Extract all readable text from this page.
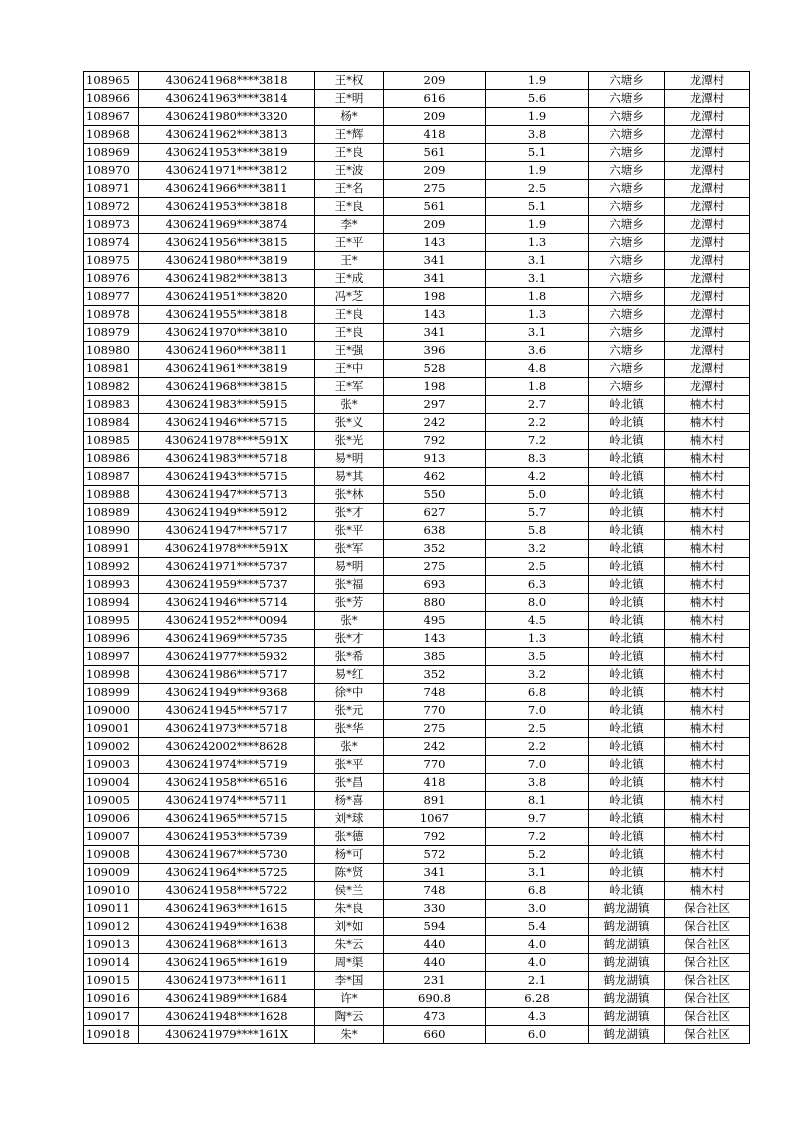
108965	4306241968****3818	王*权	209	1.9	六塘乡	龙潭村
108966	4306241963****3814	王*明	616	5.6	六塘乡	龙潭村
108967	4306241980****3320	杨*	209	1.9	六塘乡	龙潭村
108968	4306241962****3813	王*辉	418	3.8	六塘乡	龙潭村
108969	4306241953****3819	王*良	561	5.1	六塘乡	龙潭村
108970	4306241971****3812	王*波	209	1.9	六塘乡	龙潭村
108971	4306241966****3811	王*名	275	2.5	六塘乡	龙潭村
108972	4306241953****3818	王*良	561	5.1	六塘乡	龙潭村
108973	4306241969****3874	李*	209	1.9	六塘乡	龙潭村
108974	4306241956****3815	王*平	143	1.3	六塘乡	龙潭村
108975	4306241980****3819	王*	341	3.1	六塘乡	龙潭村
108976	4306241982****3813	王*成	341	3.1	六塘乡	龙潭村
108977	4306241951****3820	冯*芝	198	1.8	六塘乡	龙潭村
108978	4306241955****3818	王*良	143	1.3	六塘乡	龙潭村
108979	4306241970****3810	王*良	341	3.1	六塘乡	龙潭村
108980	4306241960****3811	王*强	396	3.6	六塘乡	龙潭村
108981	4306241961****3819	王*中	528	4.8	六塘乡	龙潭村
108982	4306241968****3815	王*军	198	1.8	六塘乡	龙潭村
108983	4306241983****5915	张*	297	2.7	岭北镇	楠木村
108984	4306241946****5715	张*义	242	2.2	岭北镇	楠木村
108985	4306241978****591X	张*光	792	7.2	岭北镇	楠木村
108986	4306241983****5718	易*明	913	8.3	岭北镇	楠木村
108987	4306241943****5715	易*其	462	4.2	岭北镇	楠木村
108988	4306241947****5713	张*林	550	5.0	岭北镇	楠木村
108989	4306241949****5912	张*才	627	5.7	岭北镇	楠木村
108990	4306241947****5717	张*平	638	5.8	岭北镇	楠木村
108991	4306241978****591X	张*军	352	3.2	岭北镇	楠木村
108992	4306241971****5737	易*明	275	2.5	岭北镇	楠木村
108993	4306241959****5737	张*福	693	6.3	岭北镇	楠木村
108994	4306241946****5714	张*芳	880	8.0	岭北镇	楠木村
108995	4306241952****0094	张*	495	4.5	岭北镇	楠木村
108996	4306241969****5735	张*才	143	1.3	岭北镇	楠木村
108997	4306241977****5932	张*希	385	3.5	岭北镇	楠木村
108998	4306241986****5717	易*红	352	3.2	岭北镇	楠木村
108999	4306241949****9368	徐*中	748	6.8	岭北镇	楠木村
109000	4306241945****5717	张*元	770	7.0	岭北镇	楠木村
109001	4306241973****5718	张*华	275	2.5	岭北镇	楠木村
109002	4306242002****8628	张*	242	2.2	岭北镇	楠木村
109003	4306241974****5719	张*平	770	7.0	岭北镇	楠木村
109004	4306241958****6516	张*昌	418	3.8	岭北镇	楠木村
109005	4306241974****5711	杨*喜	891	8.1	岭北镇	楠木村
109006	4306241965****5715	刘*球	1067	9.7	岭北镇	楠木村
109007	4306241953****5739	张*德	792	7.2	岭北镇	楠木村
109008	4306241967****5730	杨*可	572	5.2	岭北镇	楠木村
109009	4306241964****5725	陈*贤	341	3.1	岭北镇	楠木村
109010	4306241958****5722	侯*兰	748	6.8	岭北镇	楠木村
109011	4306241963****1615	朱*良	330	3.0	鹤龙湖镇	保合社区
109012	4306241949****1638	刘*如	594	5.4	鹤龙湖镇	保合社区
109013	4306241968****1613	朱*云	440	4.0	鹤龙湖镇	保合社区
109014	4306241965****1619	周*渠	440	4.0	鹤龙湖镇	保合社区
109015	4306241973****1611	李*国	231	2.1	鹤龙湖镇	保合社区
109016	4306241989****1684	许*	690.8	6.28	鹤龙湖镇	保合社区
109017	4306241948****1628	陶*云	473	4.3	鹤龙湖镇	保合社区
109018	4306241979****161X	朱*	660	6.0	鹤龙湖镇	保合社区
